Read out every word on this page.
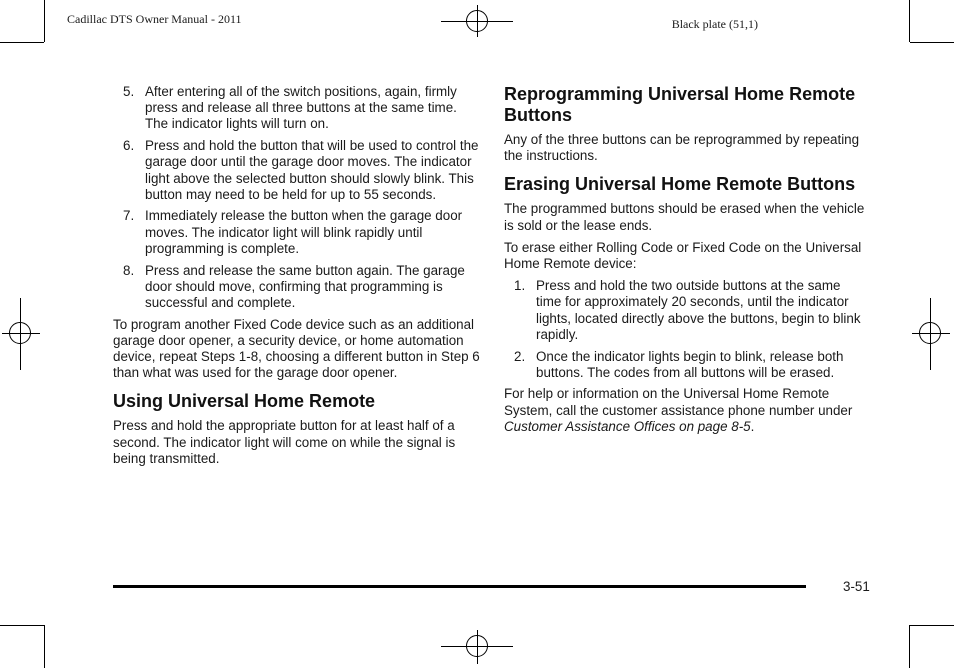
Cadillac DTS Owner Manual - 2011	Black plate (51,1)
5. After entering all of the switch positions, again, firmly press and release all three buttons at the same time. The indicator lights will turn on.
6. Press and hold the button that will be used to control the garage door until the garage door moves. The indicator light above the selected button should slowly blink. This button may need to be held for up to 55 seconds.
7. Immediately release the button when the garage door moves. The indicator light will blink rapidly until programming is complete.
8. Press and release the same button again. The garage door should move, confirming that programming is successful and complete.

To program another Fixed Code device such as an additional garage door opener, a security device, or home automation device, repeat Steps 1-8, choosing a different button in Step 6 than what was used for the garage door opener.

Using Universal Home Remote

Press and hold the appropriate button for at least half of a second. The indicator light will come on while the signal is being transmitted.

Reprogramming Universal Home Remote Buttons

Any of the three buttons can be reprogrammed by repeating the instructions.

Erasing Universal Home Remote Buttons

The programmed buttons should be erased when the vehicle is sold or the lease ends.

To erase either Rolling Code or Fixed Code on the Universal Home Remote device:

1. Press and hold the two outside buttons at the same time for approximately 20 seconds, until the indicator lights, located directly above the buttons, begin to blink rapidly.
2. Once the indicator lights begin to blink, release both buttons. The codes from all buttons will be erased.

For help or information on the Universal Home Remote System, call the customer assistance phone number under Customer Assistance Offices on page 8-5.

3-51
